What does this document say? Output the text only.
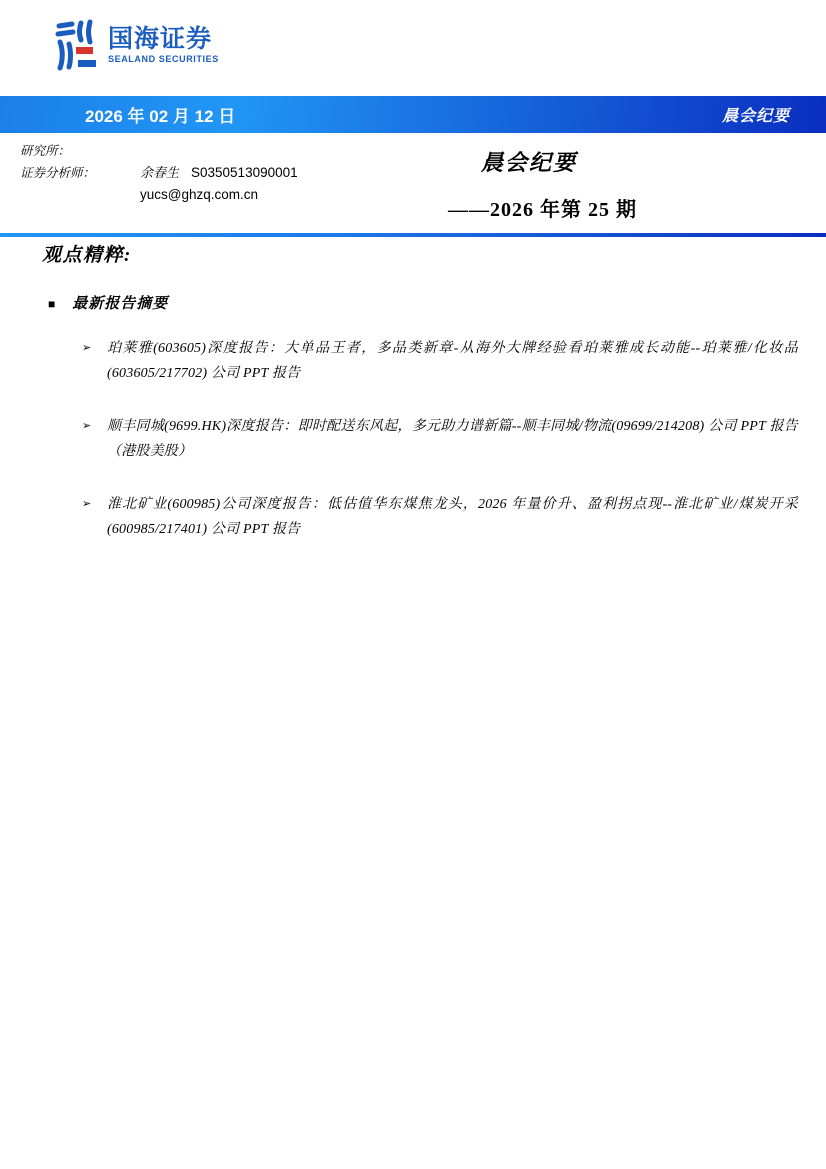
国海证券
SEALAND SECURITIES
2026 年 02 月 12 日	晨会纪要
研究所：
证券分析师：	余春生 S0350513090001
yucs@ghzq.com.cn
晨会纪要
——2026 年第 25 期
观点精粹:
■ 最新报告摘要
➢ 珀莱雅(603605)深度报告：大单品王者，多品类新章-从海外大牌经验看珀莱雅成长动能--珀莱雅/化妆品(603605/217702) 公司 PPT 报告
➢ 顺丰同城(9699.HK)深度报告：即时配送东风起，多元助力谱新篇--顺丰同城/物流(09699/214208) 公司 PPT 报告（港股美股）
➢ 淮北矿业(600985)公司深度报告：低估值华东煤焦龙头，2026 年量价升、盈利拐点现--淮北矿业/煤炭开采(600985/217401) 公司 PPT 报告
